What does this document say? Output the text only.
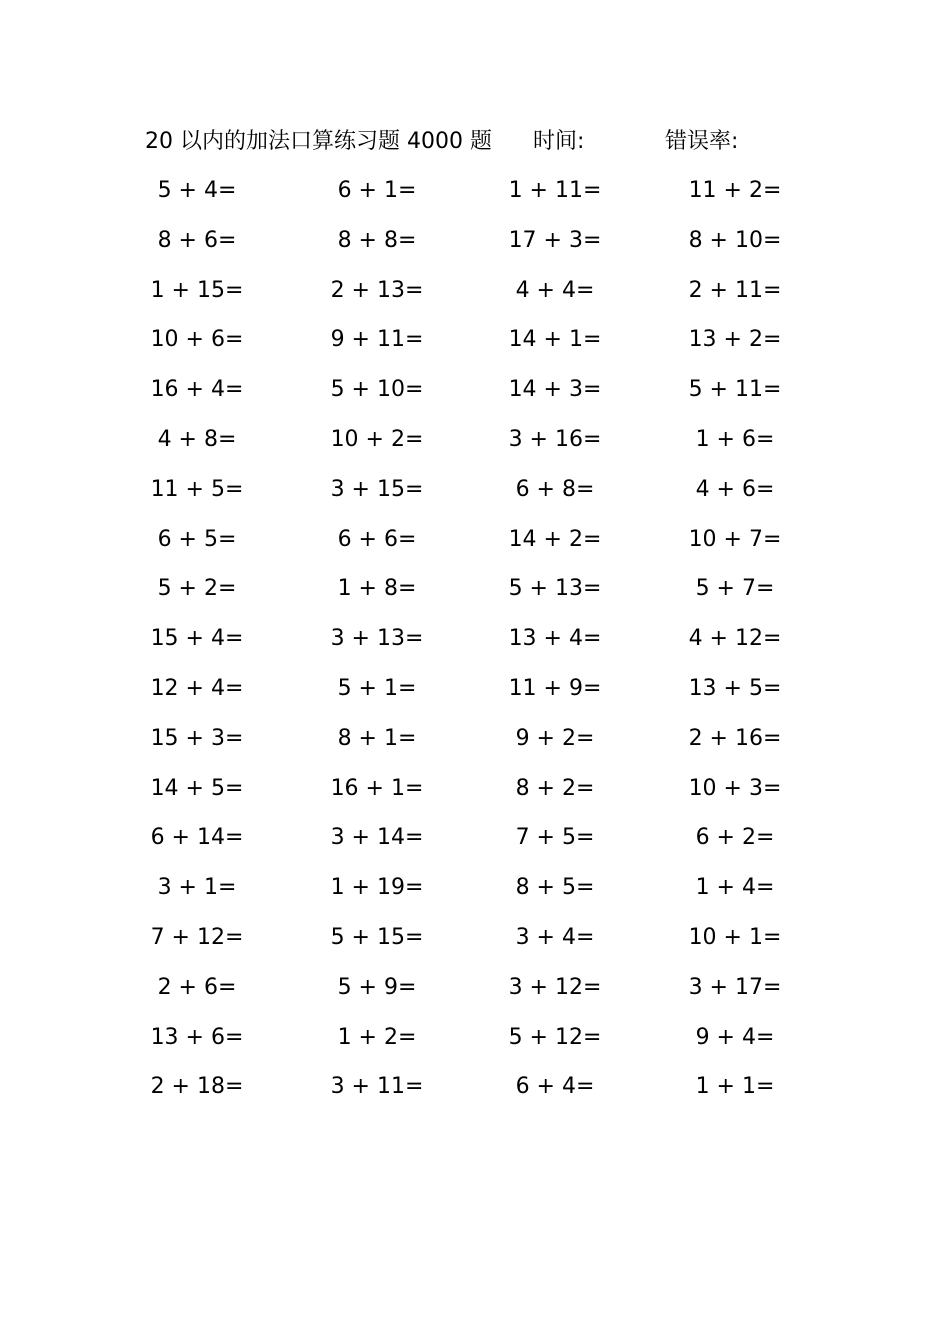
20 以内的加法口算练习题 4000 题 时间:	错误率:
5 + 4=	6 + 1=	1 + 11=	11 + 2=
8 + 6=	8 + 8=	17 + 3=	8 + 10=
1 + 15=	2 + 13=	4 + 4=	2 + 11=
10 + 6=	9 + 11=	14 + 1=	13 + 2=
16 + 4=	5 + 10=	14 + 3=	5 + 11=
4 + 8=	10 + 2=	3 + 16=	1 + 6=
11 + 5=	3 + 15=	6 + 8=	4 + 6=
6 + 5=	6 + 6=	14 + 2=	10 + 7=
5 + 2=	1 + 8=	5 + 13=	5 + 7=
15 + 4=	3 + 13=	13 + 4=	4 + 12=
12 + 4=	5 + 1=	11 + 9=	13 + 5=
15 + 3=	8 + 1=	9 + 2=	2 + 16=
14 + 5=	16 + 1=	8 + 2=	10 + 3=
6 + 14=	3 + 14=	7 + 5=	6 + 2=
3 + 1=	1 + 19=	8 + 5=	1 + 4=
7 + 12=	5 + 15=	3 + 4=	10 + 1=
2 + 6=	5 + 9=	3 + 12=	3 + 17=
13 + 6=	1 + 2=	5 + 12=	9 + 4=
2 + 18=	3 + 11=	6 + 4=	1 + 1=
